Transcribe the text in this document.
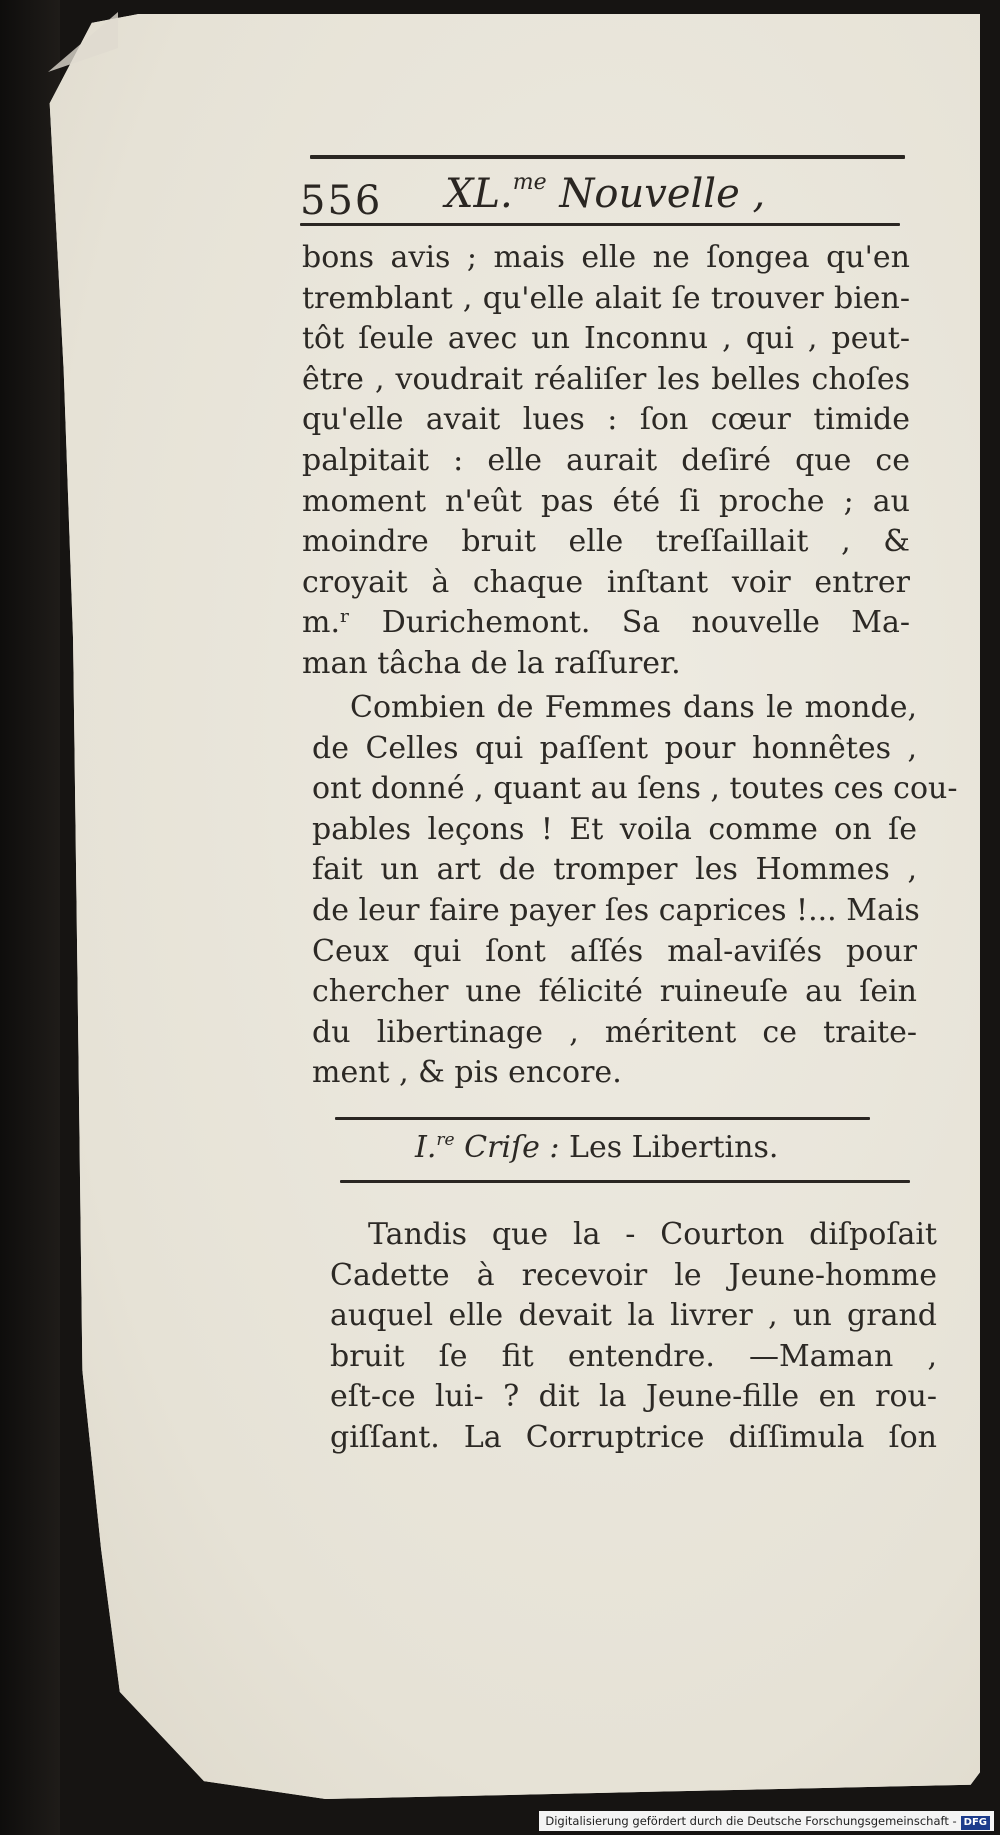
556 XL.$^{me}$ Nouvelle ,
bons avis ; mais elle ne ſongea qu'en
tremblant , qu'elle alait ſe trouver bien-
tôt ſeule avec un Inconnu , qui , peut-
être , voudrait réaliſer les belles choſes
qu'elle avait lues : ſon cœur timide
palpitait : elle aurait deſiré que ce
moment n'eût pas été ſi proche ; au
moindre bruit elle treſſaillait , &
croyait à chaque inſtant voir entrer
m.ʳ Durichemont. Sa nouvelle Ma-
man tâcha de la raſſurer.
Combien de Femmes dans le monde,
de Celles qui paſſent pour honnêtes ,
ont donné , quant au ſens , toutes ces cou-
pables leçons ! Et voila comme on ſe
fait un art de tromper les Hommes ,
de leur faire payer ſes caprices !... Mais
Ceux qui ſont aſſés mal-aviſés pour
chercher une félicité ruineuſe au ſein
du libertinage , méritent ce traite-
ment , & pis encore.
I.$^{re}$ Criſe : Les Libertins.
Tandis que la - Courton diſpoſait
Cadette à recevoir le Jeune-homme
auquel elle devait la livrer , un grand
bruit ſe fit entendre. —Maman ,
eſt-ce lui- ? dit la Jeune-fille en rou-
giſſant. La Corruptrice diſſimula ſon
Digitalisierung gefördert durch die Deutsche Forschungsgemeinschaft - DFG
